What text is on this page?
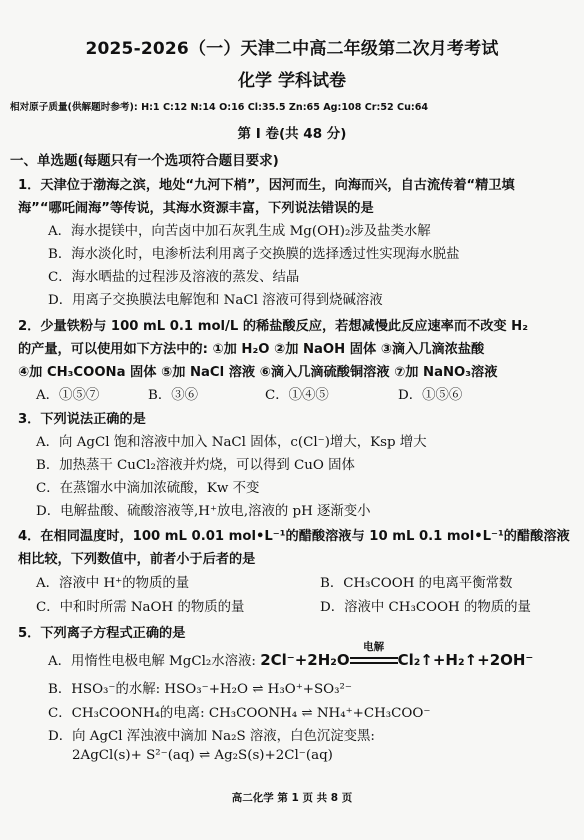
2025-2026（一）天津二中高二年级第二次月考考试
化学 学科试卷
相对原子质量(供解题时参考): H:1 C:12 N:14 O:16 Cl:35.5 Zn:65 Ag:108 Cr:52 Cu:64
第 I 卷(共 48 分)
一、单选题(每题只有一个选项符合题目要求)
1．天津位于渤海之滨，地处“九河下梢”，因河而生，向海而兴，自古流传着“精卫填
海”“哪吒闹海”等传说，其海水资源丰富，下列说法错误的是
A．海水提镁中，向苦卤中加石灰乳生成 Mg(OH)₂涉及盐类水解
B．海水淡化时，电渗析法利用离子交换膜的选择透过性实现海水脱盐
C．海水晒盐的过程涉及溶液的蒸发、结晶
D．用离子交换膜法电解饱和 NaCl 溶液可得到烧碱溶液
2．少量铁粉与 100 mL 0.1 mol/L 的稀盐酸反应，若想减慢此反应速率而不改变 H₂
的产量，可以使用如下方法中的: ①加 H₂O ②加 NaOH 固体 ③滴入几滴浓盐酸
④加 CH₃COONa 固体 ⑤加 NaCl 溶液 ⑥滴入几滴硫酸铜溶液 ⑦加 NaNO₃溶液
A．①⑤⑦	B．③⑥	C．①④⑤	D．①⑤⑥
3．下列说法正确的是
A．向 AgCl 饱和溶液中加入 NaCl 固体，c(Cl⁻)增大，Ksp 增大
B．加热蒸干 CuCl₂溶液并灼烧，可以得到 CuO 固体
C．在蒸馏水中滴加浓硫酸，Kw 不变
D．电解盐酸、硫酸溶液等,H⁺放电,溶液的 pH 逐渐变小
4．在相同温度时，100 mL 0.01 mol•L⁻¹的醋酸溶液与 10 mL 0.1 mol•L⁻¹的醋酸溶液
相比较，下列数值中，前者小于后者的是
A．溶液中 H⁺的物质的量	B．CH₃COOH 的电离平衡常数
C．中和时所需 NaOH 的物质的量	D．溶液中 CH₃COOH 的物质的量
5．下列离子方程式正确的是
A．用惰性电极电解 MgCl₂水溶液: 2Cl⁻+2H₂O
电解
Cl₂↑+H₂↑+2OH⁻
B．HSO₃⁻的水解: HSO₃⁻+H₂O ⇌ H₃O⁺+SO₃²⁻
C．CH₃COONH₄的电离: CH₃COONH₄ ⇌ NH₄⁺+CH₃COO⁻
D．向 AgCl 浑浊液中滴加 Na₂S 溶液，白色沉淀变黑:
2AgCl(s)+ S²⁻(aq) ⇌ Ag₂S(s)+2Cl⁻(aq)
高二化学 第 1 页 共 8 页
